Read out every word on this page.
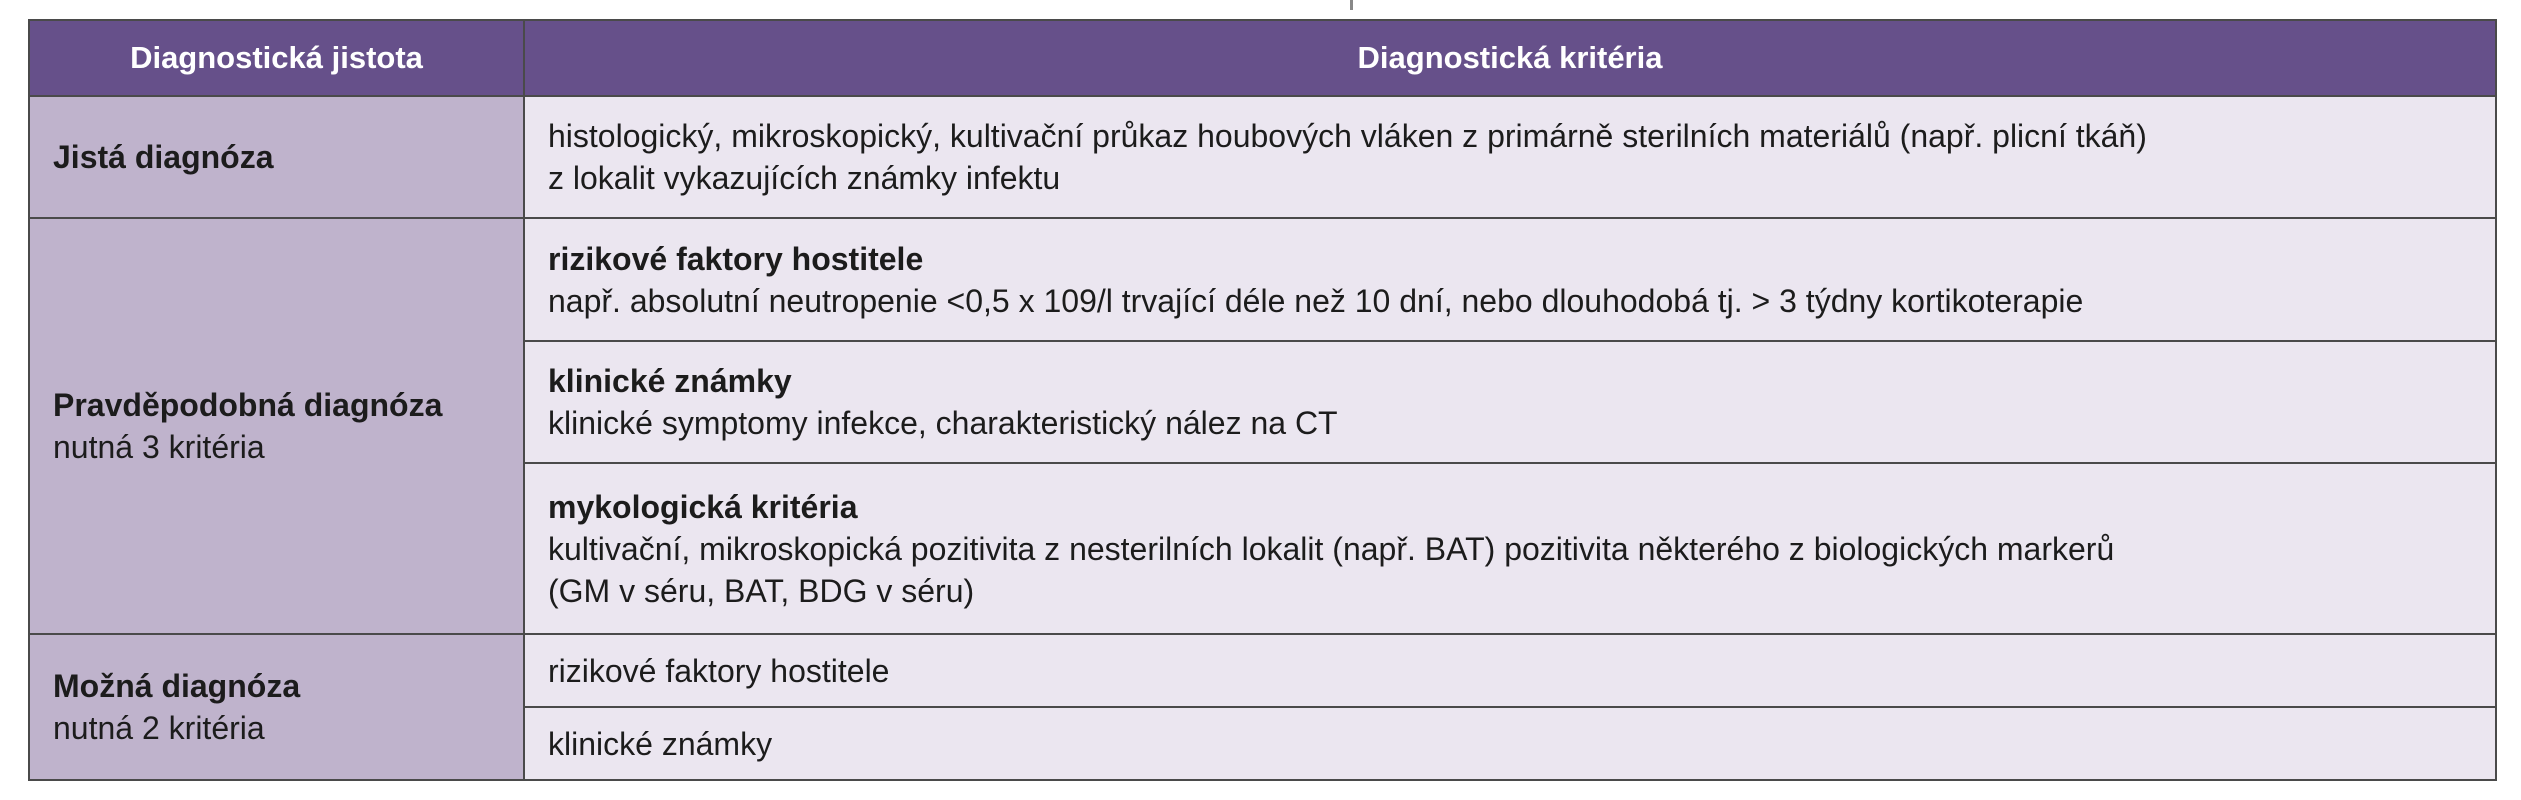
Diagnostická jistota	Diagnostická kritéria

Jistá diagnóza	histologický, mikroskopický, kultivační průkaz houbových vláken z primárně sterilních materiálů (např. plicní tkáň)
z lokalit vykazujících známky infektu

Pravděpodobná diagnóza
nutná 3 kritéria	rizikové faktory hostitele
např. absolutní neutropenie <0,5 x 109/l trvající déle než 10 dní, nebo dlouhodobá tj. > 3 týdny kortikoterapie

	klinické známky
klinické symptomy infekce, charakteristický nález na CT

	mykologická kritéria
kultivační, mikroskopická pozitivita z nesterilních lokalit (např. BAT) pozitivita některého z biologických markerů
(GM v séru, BAT, BDG v séru)

Možná diagnóza
nutná 2 kritéria	rizikové faktory hostitele

	klinické známky
